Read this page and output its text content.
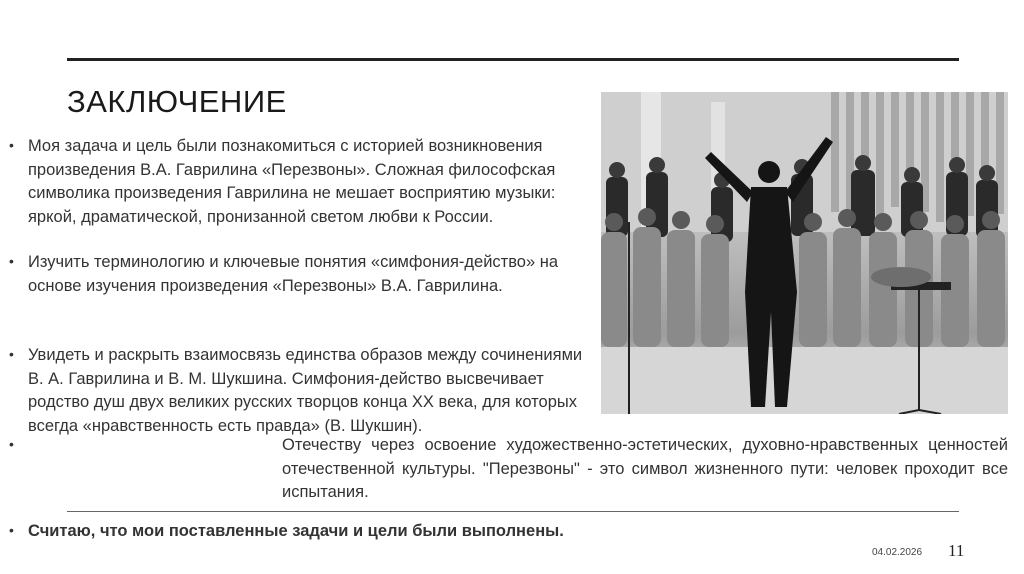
ЗАКЛЮЧЕНИЕ
• Моя задача и цель были познакомиться с историей возникновения произведения В.А. Гаврилина «Перезвоны». Сложная философская символика произведения Гаврилина не мешает восприятию музыки: яркой, драматической, пронизанной светом любви к России.

• Изучить терминологию и ключевые понятия «симфония-действо» на основе изучения произведения «Перезвоны» В.А. Гаврилина.

• Увидеть и раскрыть взаимосвязь единства образов между сочинениями В. А. Гаврилина и В. М. Шукшина. Симфония-действо высвечивает родство душ двух великих русских творцов конца XX века, для которых всегда «нравственность есть правда» (В. Шукшин).

•	Отечеству через освоение художественно-эстетических, духовно-нравственных ценностей отечественной культуры. "Перезвоны" - это символ жизненного пути: человек проходит все испытания.

• Считаю, что мои поставленные задачи и цели были выполнены.

04.02.2026 11
